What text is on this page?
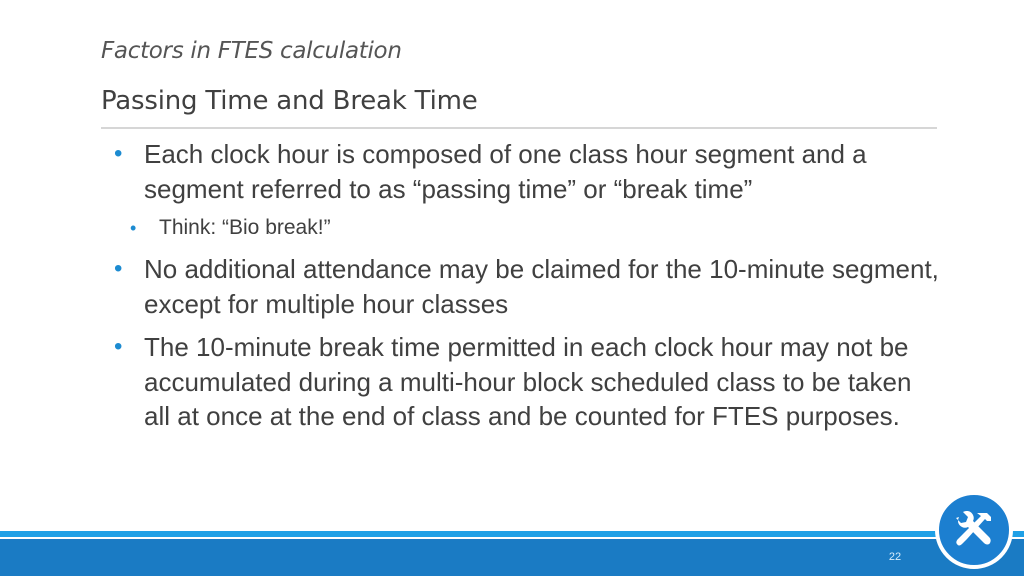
Factors in FTES calculation
Passing Time and Break Time

• Each clock hour is composed of one class hour segment and a segment referred to as “passing time” or “break time”

• Think: “Bio break!”

• No additional attendance may be claimed for the 10-minute segment, except for multiple hour classes

• The 10-minute break time permitted in each clock hour may not be accumulated during a multi-hour block scheduled class to be taken all at once at the end of class and be counted for FTES purposes.

22
